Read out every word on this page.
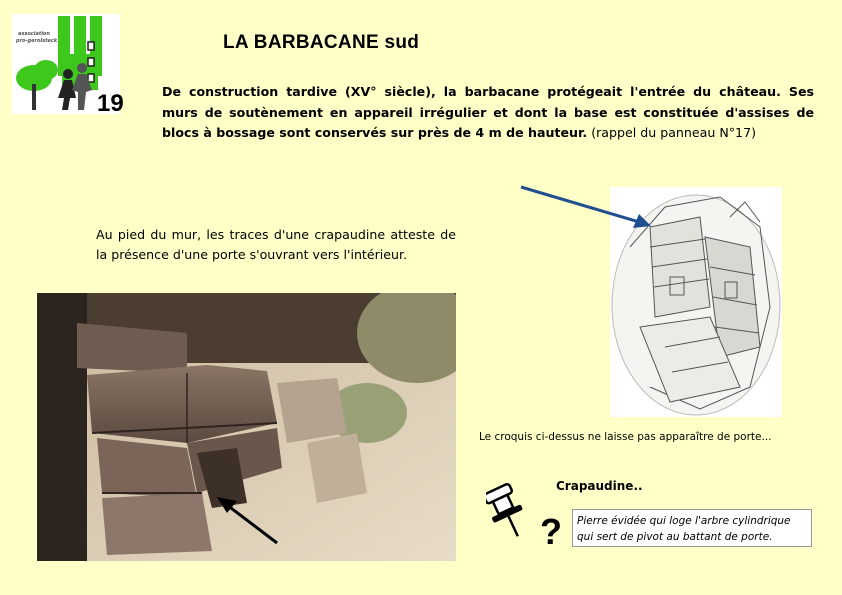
association
pro-gerolsteck
19
LA BARBACANE sud
De construction tardive (XV° siècle), la barbacane protégeait l'entrée du château. Ses murs de soutènement en appareil irrégulier et dont la base est constituée d'assises de blocs à bossage sont conservés sur près de 4 m de hauteur. (rappel du panneau N°17)
Au pied du mur, les traces d'une crapaudine atteste de la présence d'une porte s'ouvrant vers l'intérieur.
Le croquis ci-dessus ne laisse pas apparaître de porte...
?
Crapaudine..
Pierre évidée qui loge l'arbre cylindrique qui sert de pivot au battant de porte.
